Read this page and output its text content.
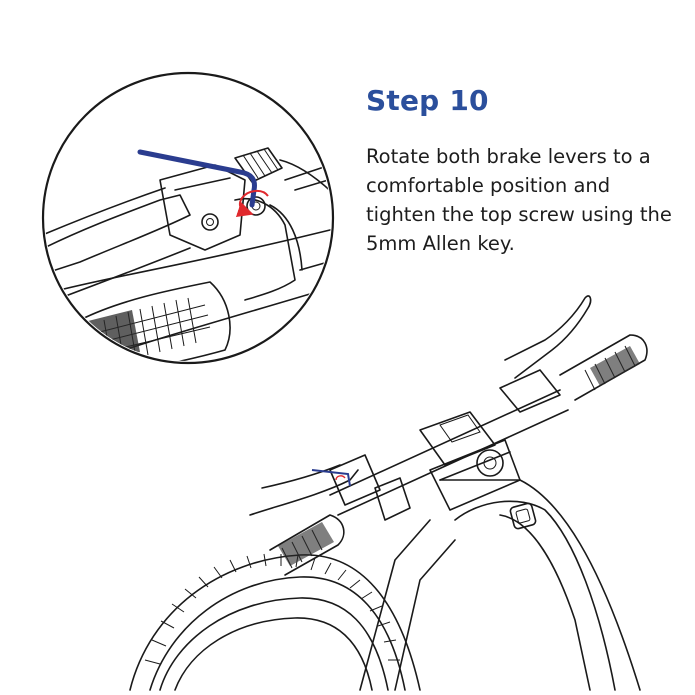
Step 10

Rotate both brake levers to a comfortable position and tighten the top screw using the 5mm Allen key.
